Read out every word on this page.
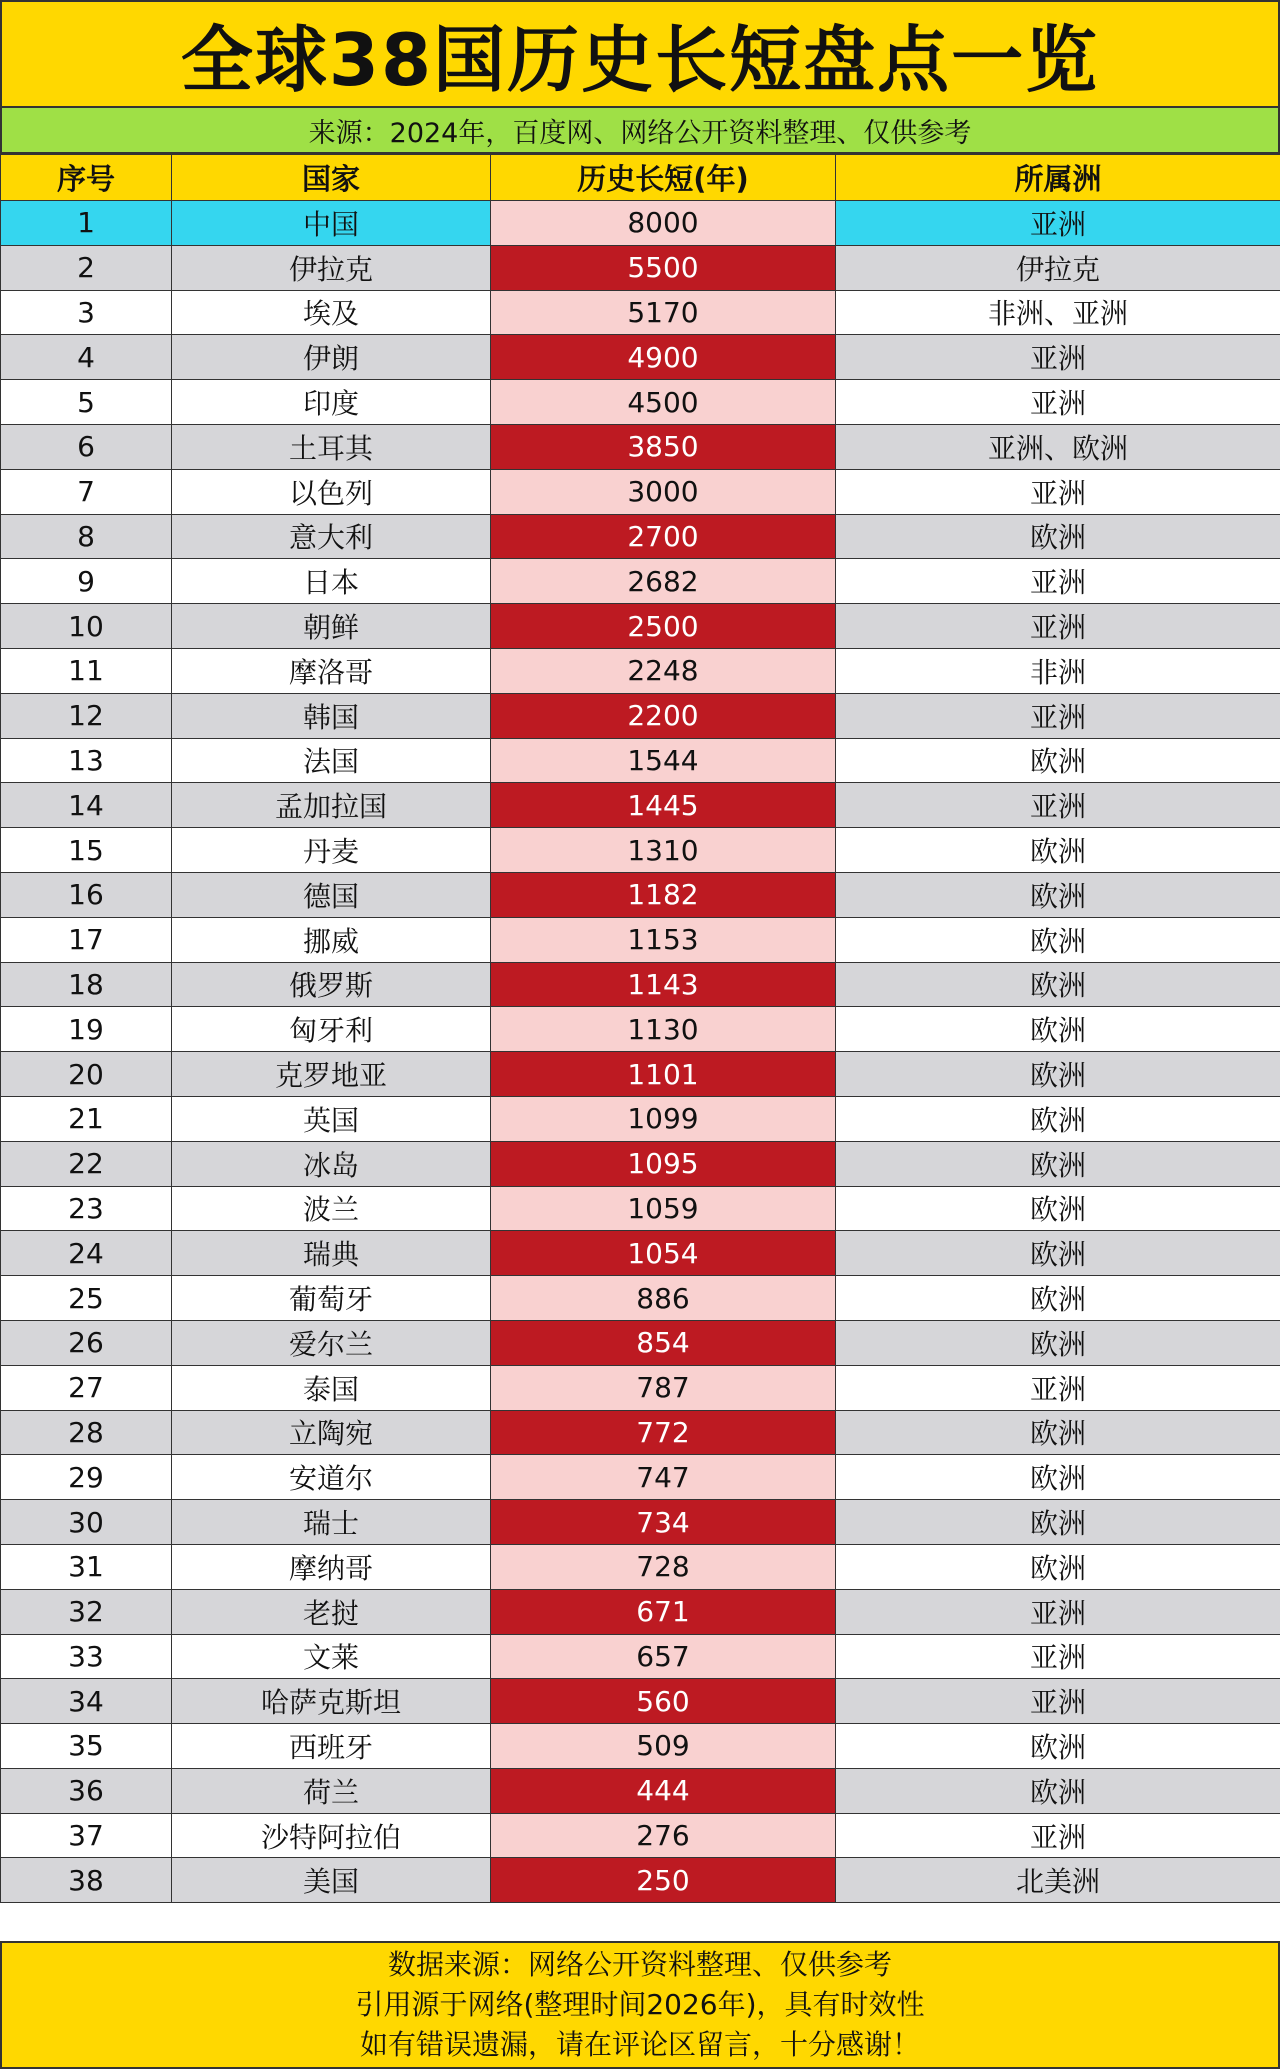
全球38国历史长短盘点一览
来源：2024年，百度网、网络公开资料整理、仅供参考
序号	国家	历史长短(年)	所属洲
1	中国	8000	亚洲
2	伊拉克	5500	伊拉克
3	埃及	5170	非洲、亚洲
4	伊朗	4900	亚洲
5	印度	4500	亚洲
6	土耳其	3850	亚洲、欧洲
7	以色列	3000	亚洲
8	意大利	2700	欧洲
9	日本	2682	亚洲
10	朝鲜	2500	亚洲
11	摩洛哥	2248	非洲
12	韩国	2200	亚洲
13	法国	1544	欧洲
14	孟加拉国	1445	亚洲
15	丹麦	1310	欧洲
16	德国	1182	欧洲
17	挪威	1153	欧洲
18	俄罗斯	1143	欧洲
19	匈牙利	1130	欧洲
20	克罗地亚	1101	欧洲
21	英国	1099	欧洲
22	冰岛	1095	欧洲
23	波兰	1059	欧洲
24	瑞典	1054	欧洲
25	葡萄牙	886	欧洲
26	爱尔兰	854	欧洲
27	泰国	787	亚洲
28	立陶宛	772	欧洲
29	安道尔	747	欧洲
30	瑞士	734	欧洲
31	摩纳哥	728	欧洲
32	老挝	671	亚洲
33	文莱	657	亚洲
34	哈萨克斯坦	560	亚洲
35	西班牙	509	欧洲
36	荷兰	444	欧洲
37	沙特阿拉伯	276	亚洲
38	美国	250	北美洲
数据来源：网络公开资料整理、仅供参考
引用源于网络(整理时间2026年)，具有时效性
如有错误遗漏，请在评论区留言，十分感谢！
